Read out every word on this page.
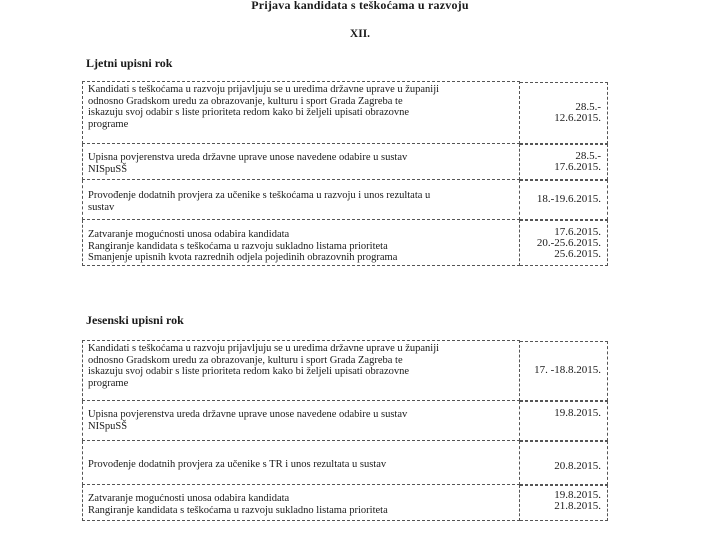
Prijava kandidata s teškoćama u razvoju
XII.
Ljetni upisni rok
Kandidati s teškoćama u razvoju prijavljuju se u uredima državne uprave u županiji
odnosno Gradskom uredu za obrazovanje, kulturu i sport Grada Zagreba te
iskazuju svoj odabir s liste prioriteta redom kako bi željeli upisati obrazovne
programe	28.5.-
12.6.2015.

Upisna povjerenstva ureda državne uprave unose navedene odabire u sustav
NISpuSŠ	28.5.-
17.6.2015.

Provođenje dodatnih provjera za učenike s teškoćama u razvoju i unos rezultata u
sustav	18.-19.6.2015.

Zatvaranje mogućnosti unosa odabira kandidata
Rangiranje kandidata s teškoćama u razvoju sukladno listama prioriteta
Smanjenje upisnih kvota razrednih odjela pojedinih obrazovnih programa	17.6.2015.
20.-25.6.2015.
25.6.2015.
Jesenski upisni rok
Kandidati s teškoćama u razvoju prijavljuju se u uredima državne uprave u županiji
odnosno Gradskom uredu za obrazovanje, kulturu i sport Grada Zagreba te
iskazuju svoj odabir s liste prioriteta redom kako bi željeli upisati obrazovne
programe	17. -18.8.2015.

Upisna povjerenstva ureda državne uprave unose navedene odabire u sustav
NISpuSŠ	19.8.2015.

Provođenje dodatnih provjera za učenike s TR i unos rezultata u sustav	20.8.2015.

Zatvaranje mogućnosti unosa odabira kandidata
Rangiranje kandidata s teškoćama u razvoju sukladno listama prioriteta	19.8.2015.
21.8.2015.
